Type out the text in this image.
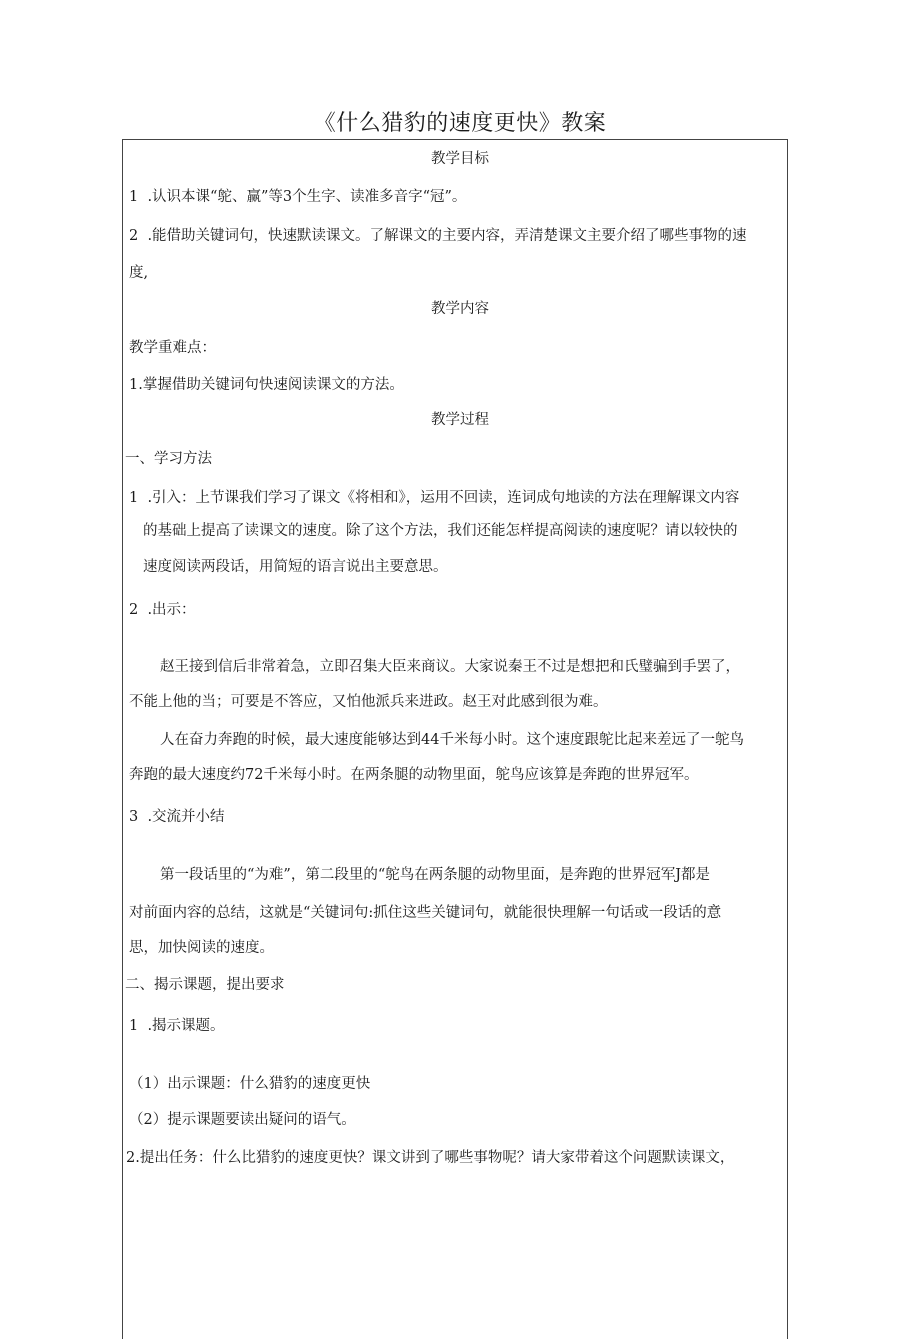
《什么猎豹的速度更快》教案
教学目标
1  .认识本课“鸵、赢”等3个生字、读准多音字“冠”。
2  .能借助关键词句，快速默读课文。了解课文的主要内容，弄清楚课文主要介绍了哪些事物的速
度,
教学内容
教学重难点：
1.掌握借助关键词句快速阅读课文的方法。
教学过程
一、学习方法
1  .引入：上节课我们学习了课文《将相和》，运用不回读，连词成句地读的方法在理解课文内容
的基础上提高了读课文的速度。除了这个方法，我们还能怎样提高阅读的速度呢？请以较快的
速度阅读两段话，用简短的语言说出主要意思。
2  .出示：
赵王接到信后非常着急，立即召集大臣来商议。大家说秦王不过是想把和氏璧骗到手罢了，
不能上他的当；可要是不答应，又怕他派兵来进政。赵王对此感到很为难。
人在奋力奔跑的时候，最大速度能够达到44千米每小时。这个速度跟鸵比起来差远了一鸵鸟
奔跑的最大速度约72千米每小时。在两条腿的动物里面，鸵鸟应该算是奔跑的世界冠军。
3  .交流并小结
第一段话里的“为难”，第二段里的“鸵鸟在两条腿的动物里面，是奔跑的世界冠军J都是
对前面内容的总结，这就是“关键词句:抓住这些关键词句，就能很快理解一句话或一段话的意
思，加快阅读的速度。
二、揭示课题，提出要求
1  .揭示课题。
（1）出示课题：什么猎豹的速度更快
（2）提示课题要读出疑问的语气。
2.提出任务：什么比猎豹的速度更快？课文讲到了哪些事物呢？请大家带着这个问题默读课文，
